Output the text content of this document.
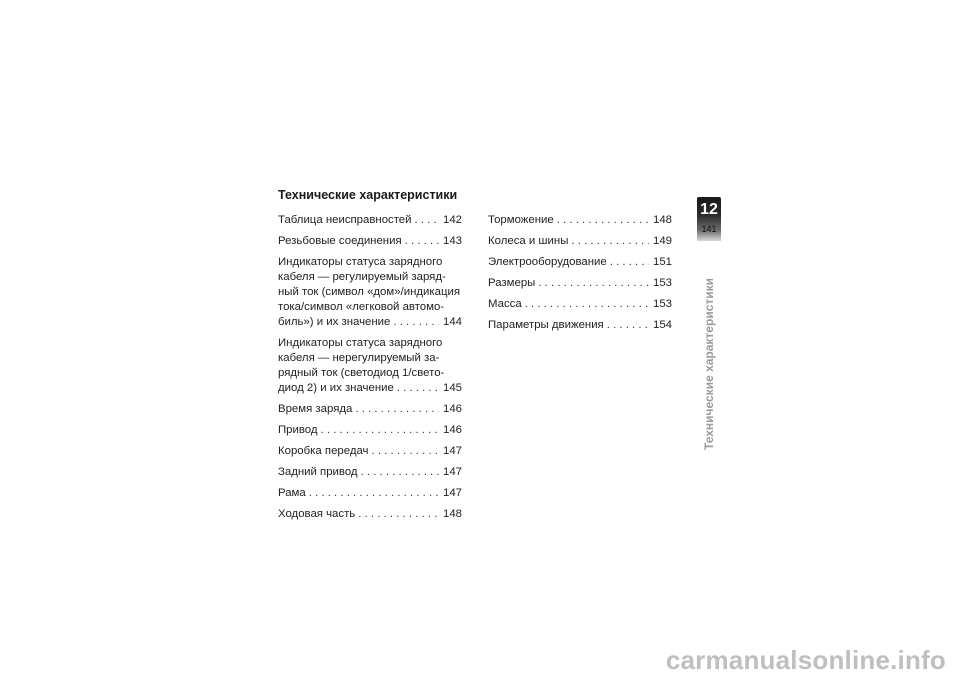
Технические характеристики
Таблица неисправностей . . .	142
Резьбовые соединения . . .	143
Индикаторы статуса зарядного
кабеля — регулируемый заряд-
ный ток (символ «дом»/индикация
тока/символ «легковой автомо-
биль») и их значение . . .	144
Индикаторы статуса зарядного
кабеля — нерегулируемый за-
рядный ток (светодиод 1/свето-
диод 2) и их значение . . .	145
Время заряда . . .	146
Привод . . .	146
Коробка передач . . .	147
Задний привод . . .	147
Рама . . .	147
Ходовая часть . . .	148
Торможение . . .	148
Колеса и шины . . .	149
Электрооборудование . . .	151
Размеры . . .	153
Масса . . .	153
Параметры движения . . .	154
12
141
Технические характеристики
carmanualsonline.info
